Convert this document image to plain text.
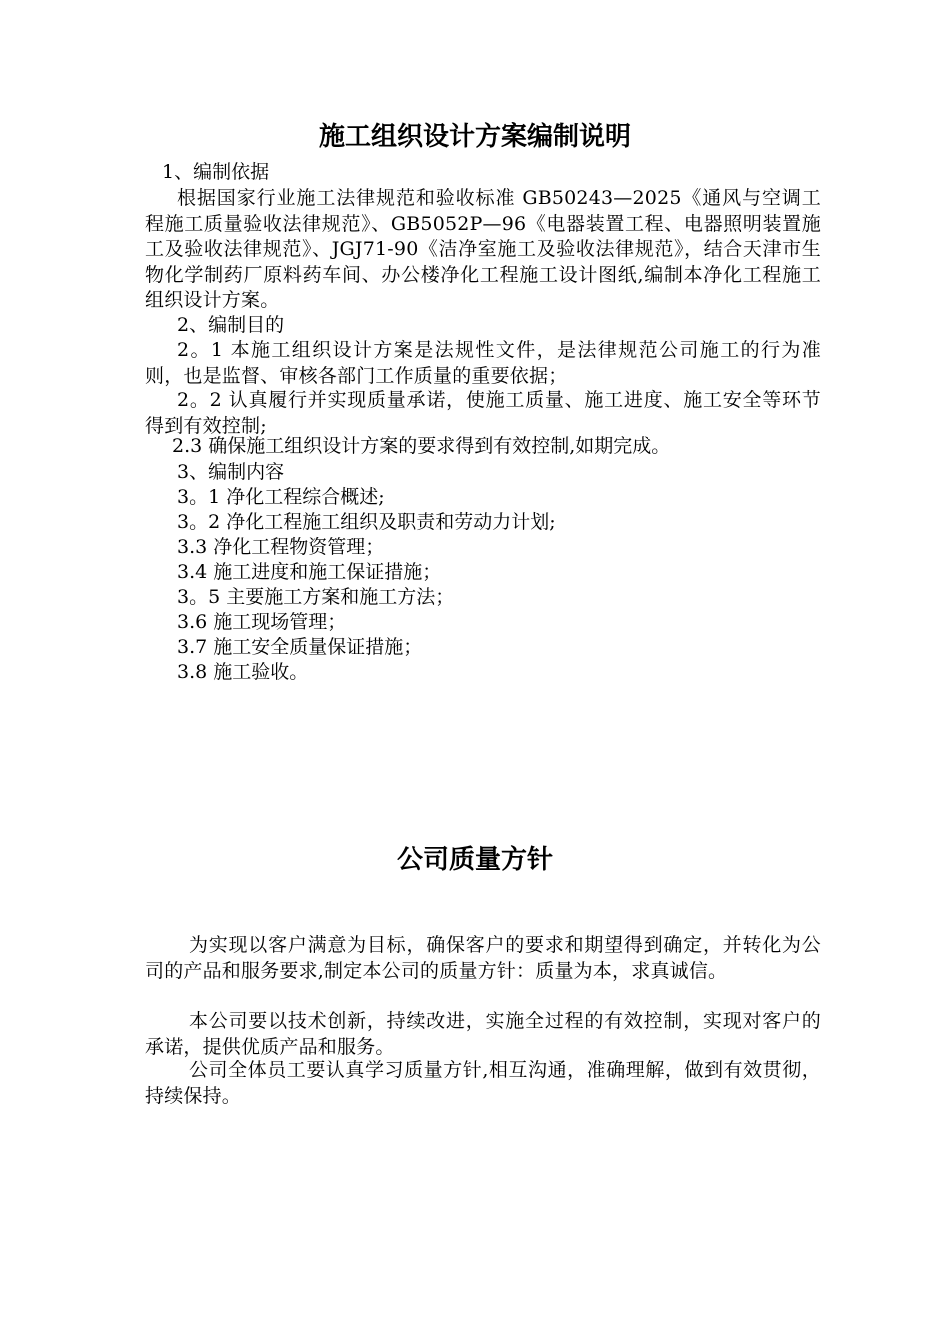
施工组织设计方案编制说明

1、编制依据

根据国家行业施工法律规范和验收标准 GB50243—2025《通风与空调工程施工质量验收法律规范》、GB5052P—96《电器装置工程、电器照明装置施工及验收法律规范》、JGJ71-90《洁净室施工及验收法律规范》，结合天津市生物化学制药厂原料药车间、办公楼净化工程施工设计图纸,编制本净化工程施工组织设计方案。

2、编制目的

2。1 本施工组织设计方案是法规性文件，是法律规范公司施工的行为准则，也是监督、审核各部门工作质量的重要依据；

2。2 认真履行并实现质量承诺，使施工质量、施工进度、施工安全等环节得到有效控制;

2.3 确保施工组织设计方案的要求得到有效控制,如期完成。

3、编制内容

3。1 净化工程综合概述;

3。2 净化工程施工组织及职责和劳动力计划;

3.3 净化工程物资管理；

3.4 施工进度和施工保证措施；

3。5 主要施工方案和施工方法；

3.6 施工现场管理；

3.7 施工安全质量保证措施；

3.8 施工验收。

公司质量方针

为实现以客户满意为目标，确保客户的要求和期望得到确定，并转化为公司的产品和服务要求,制定本公司的质量方针：质量为本，求真诚信。

本公司要以技术创新，持续改进，实施全过程的有效控制，实现对客户的承诺，提供优质产品和服务。

公司全体员工要认真学习质量方针,相互沟通，准确理解，做到有效贯彻，持续保持。
